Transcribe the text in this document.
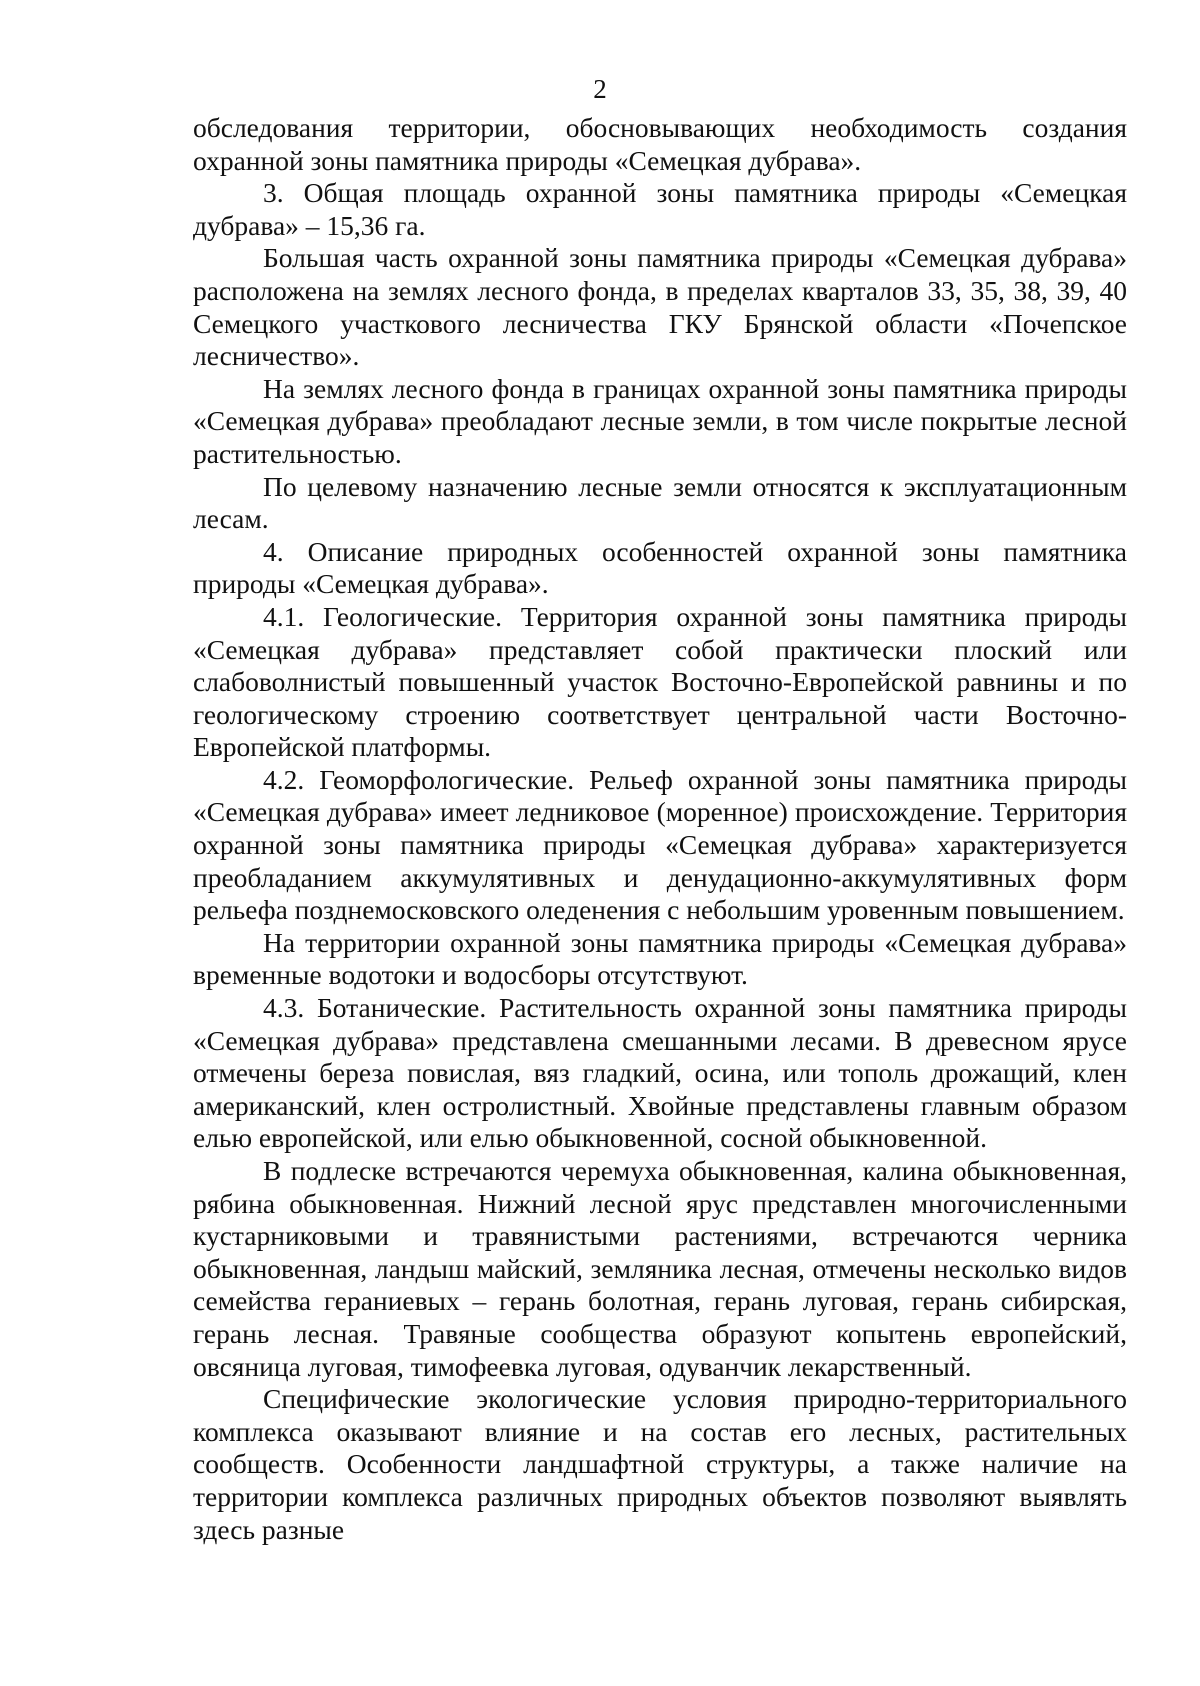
2

обследования территории, обосновывающих необходимость создания охранной зоны памятника природы «Семецкая дубрава».

3. Общая площадь охранной зоны памятника природы «Семецкая дубрава» – 15,36 га.

Большая часть охранной зоны памятника природы «Семецкая дубрава» расположена на землях лесного фонда, в пределах кварталов 33, 35, 38, 39, 40 Семецкого участкового лесничества ГКУ Брянской области «Почепское лесничество».

На землях лесного фонда в границах охранной зоны памятника природы «Семецкая дубрава» преобладают лесные земли, в том числе покрытые лесной растительностью.

По целевому назначению лесные земли относятся к эксплуатационным лесам.

4. Описание природных особенностей охранной зоны памятника природы «Семецкая дубрава».

4.1. Геологические. Территория охранной зоны памятника природы «Семецкая дубрава» представляет собой практически плоский или слабоволнистый повышенный участок Восточно-Европейской равнины и по геологическому строению соответствует центральной части Восточно-Европейской платформы.

4.2. Геоморфологические. Рельеф охранной зоны памятника природы «Семецкая дубрава» имеет ледниковое (моренное) происхождение. Территория охранной зоны памятника природы «Семецкая дубрава» характеризуется преобладанием аккумулятивных и денудационно-аккумулятивных форм рельефа позднемосковского оледенения с небольшим уровенным повышением.

На территории охранной зоны памятника природы «Семецкая дубрава» временные водотоки и водосборы отсутствуют.

4.3. Ботанические. Растительность охранной зоны памятника природы «Семецкая дубрава» представлена смешанными лесами. В древесном ярусе отмечены береза повислая, вяз гладкий, осина, или тополь дрожащий, клен американский, клен остролистный. Хвойные представлены главным образом елью европейской, или елью обыкновенной, сосной обыкновенной.

В подлеске встречаются черемуха обыкновенная, калина обыкновенная, рябина обыкновенная. Нижний лесной ярус представлен многочисленными кустарниковыми и травянистыми растениями, встречаются черника обыкновенная, ландыш майский, земляника лесная, отмечены несколько видов семейства гераниевых – герань болотная, герань луговая, герань сибирская, герань лесная. Травяные сообщества образуют копытень европейский, овсяница луговая, тимофеевка луговая, одуванчик лекарственный.

Специфические экологические условия природно-территориального комплекса оказывают влияние и на состав его лесных, растительных сообществ. Особенности ландшафтной структуры, а также наличие на территории комплекса различных природных объектов позволяют выявлять здесь разные
